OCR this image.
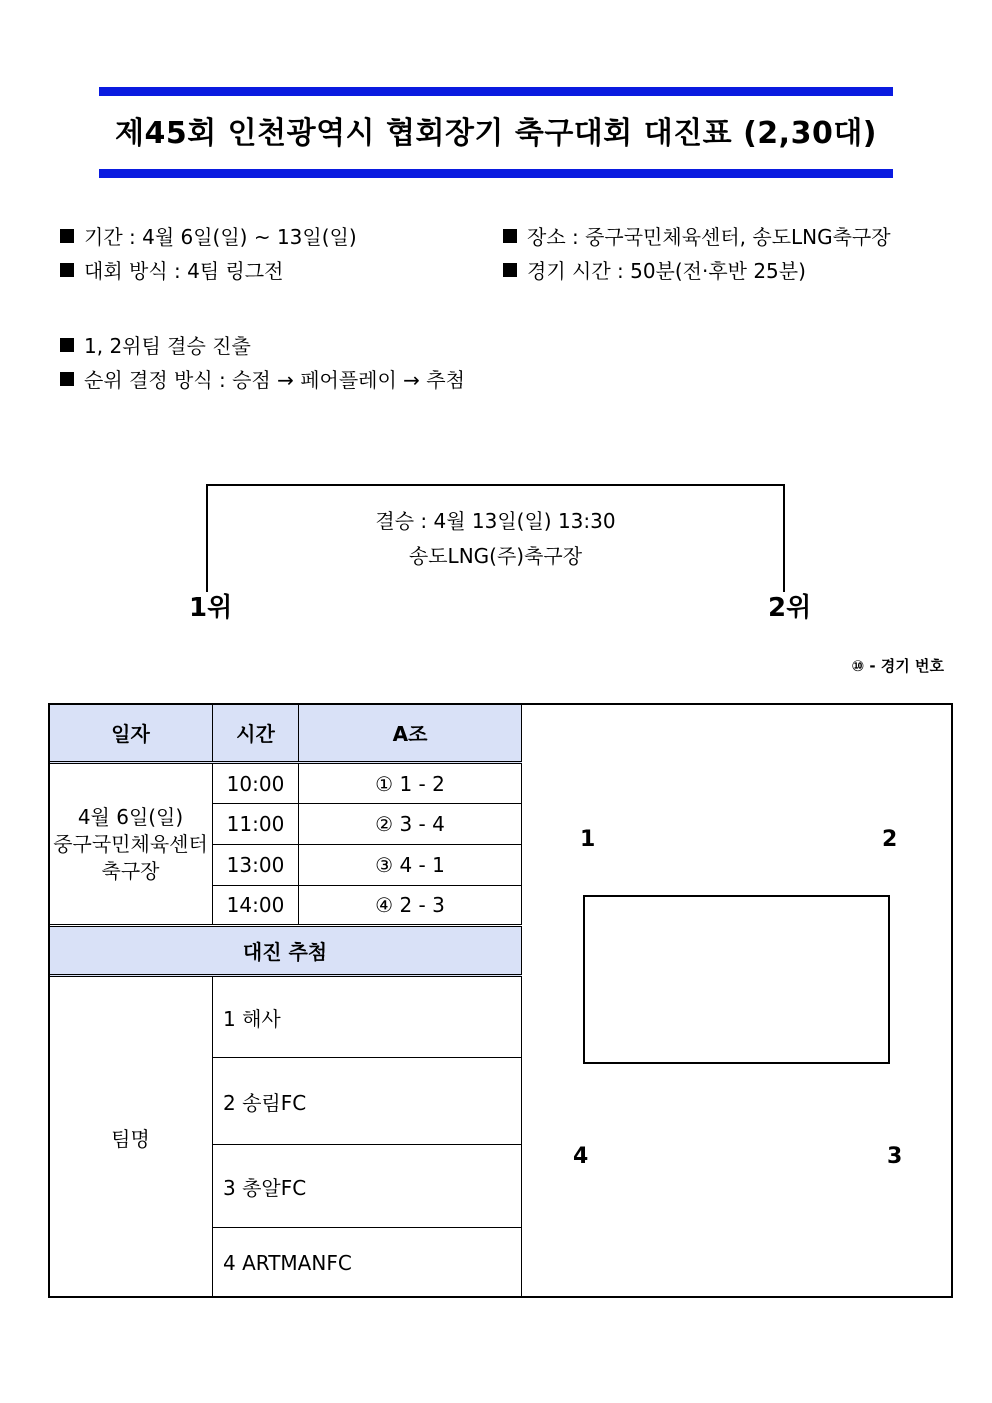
제45회 인천광역시 협회장기 축구대회 대진표 (2,30대)
기간 : 4월 6일(일) ~ 13일(일)	장소 : 중구국민체육센터, 송도LNG축구장
대회 방식 : 4팀 링그전	경기 시간 : 50분(전·후반 25분)
1, 2위팀 결승 진출
순위 결정 방식 : 승점 → 페어플레이 → 추첨
결승 : 4월 13일(일) 13:30
송도LNG(주)축구장
1위	2위
⑩ - 경기 번호
일자	시간	A조

4월 6일(일)
중구국민체육센터
축구장	10:00	① 1 - 2
	11:00	② 3 - 4
	13:00	③ 4 - 1
	14:00	④ 2 - 3
대진 추첨		
팀명	1 해사	
	2 송림FC	
	3 총알FC	
	4 ARTMANFC	
1	2
4	3
